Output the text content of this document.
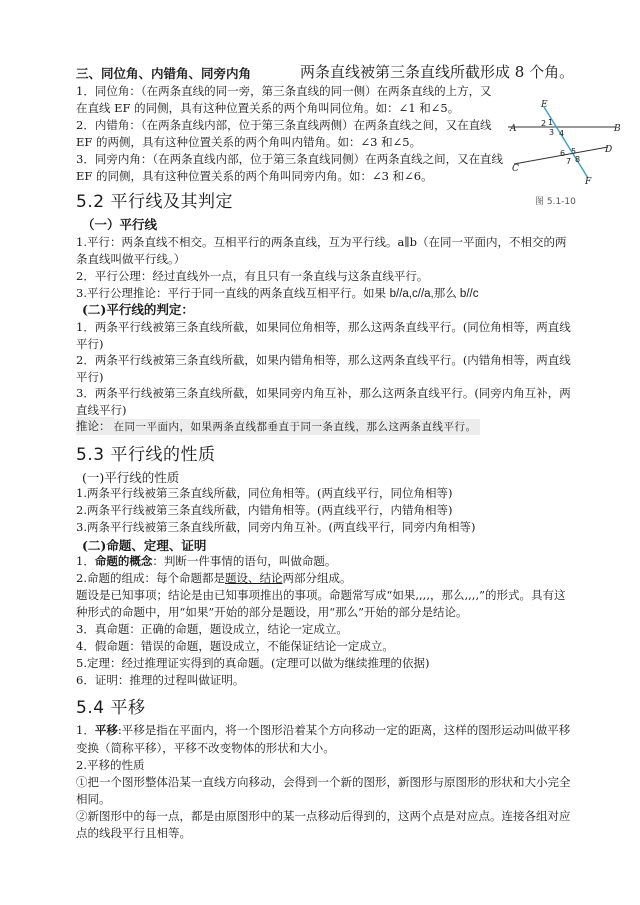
三、同位角、内错角、同旁内角	两条直线被第三条直线所截形成 8 个角。
1．同位角：（在两条直线的同一旁，第三条直线的同一侧）在两条直线的上方，又
在直线 EF 的同侧，具有这种位置关系的两个角叫同位角。如：∠1 和∠5。
2．内错角：（在两条直线内部，位于第三条直线两侧）在两条直线之间，又在直线
EF 的两侧，具有这种位置关系的两个角叫内错角。如：∠3 和∠5。
3．同旁内角：（在两条直线内部，位于第三条直线同侧）在两条直线之间，又在直线
EF 的同侧，具有这种位置关系的两个角叫同旁内角。如：∠3 和∠6。
E
A	B
C
D
F
1
2
3 4
5
6
7 8
图 5.1-10
5.2 平行线及其判定
（一）平行线
1.平行：两条直线不相交。互相平行的两条直线，互为平行线。a∥b（在同一平面内，不相交的两
条直线叫做平行线。）
2．平行公理：经过直线外一点，有且只有一条直线与这条直线平行。
3.平行公理推论：平行于同一直线的两条直线互相平行。如果 b//a,c//a,那么 b//c
(二)平行线的判定：
1．两条平行线被第三条直线所截，如果同位角相等，那么这两条直线平行。(同位角相等，两直线
平行)
2．两条平行线被第三条直线所截，如果内错角相等，那么这两条直线平行。(内错角相等，两直线
平行)
3．两条平行线被第三条直线所截，如果同旁内角互补，那么这两条直线平行。(同旁内角互补，两
直线平行)
推论： 在同一平面内，如果两条直线都垂直于同一条直线，那么这两条直线平行。
5.3 平行线的性质
(一)平行线的性质
1.两条平行线被第三条直线所截，同位角相等。(两直线平行，同位角相等)
2.两条平行线被第三条直线所截，内错角相等。(两直线平行，内错角相等)
3.两条平行线被第三条直线所截，同旁内角互补。(两直线平行，同旁内角相等)
(二)命题、定理、证明
1．命题的概念：判断一件事情的语句，叫做命题。
2.命题的组成：每个命题都是题设、结论两部分组成。
题设是已知事项；结论是由已知事项推出的事项。命题常写成“如果,,,,，那么,,,,”的形式。具有这
种形式的命题中，用“如果”开始的部分是题设，用“那么”开始的部分是结论。
3．真命题：正确的命题，题设成立，结论一定成立。
4．假命题：错误的命题，题设成立，不能保证结论一定成立。
5.定理：经过推理证实得到的真命题。(定理可以做为继续推理的依据)
6．证明：推理的过程叫做证明。
5.4 平移
1．平移:平移是指在平面内，将一个图形沿着某个方向移动一定的距离，这样的图形运动叫做平移
变换（简称平移），平移不改变物体的形状和大小。
2.平移的性质
①把一个图形整体沿某一直线方向移动，会得到一个新的图形，新图形与原图形的形状和大小完全
相同。
②新图形中的每一点，都是由原图形中的某一点移动后得到的，这两个点是对应点。连接各组对应
点的线段平行且相等。
